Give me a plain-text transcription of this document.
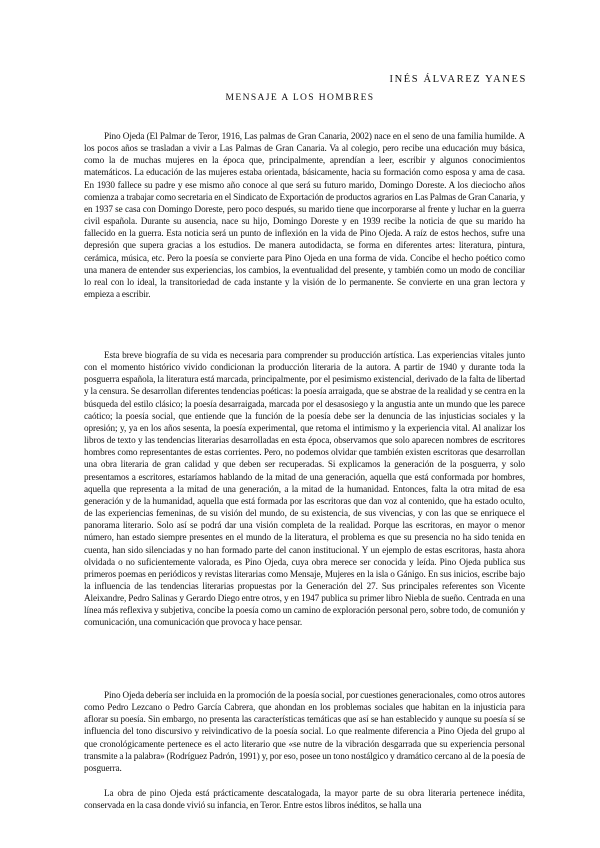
INÉS ÁLVAREZ YANES

MENSAJE A LOS HOMBRES

Pino Ojeda (El Palmar de Teror, 1916, Las palmas de Gran Canaria, 2002) nace en el seno de una familia humilde. A los pocos años se trasladan a vivir a Las Palmas de Gran Canaria. Va al colegio, pero recibe una educación muy básica, como la de muchas mujeres en la época que, principalmente, aprendían a leer, escribir y algunos conocimientos matemáticos. La educación de las mujeres estaba orientada, básicamente, hacia su formación como esposa y ama de casa. En 1930 fallece su padre y ese mismo año conoce al que será su futuro marido, Domingo Doreste. A los dieciocho años comienza a trabajar como secretaria en el Sindicato de Exportación de productos agrarios en Las Palmas de Gran Canaria, y en 1937 se casa con Domingo Doreste, pero poco después, su marido tiene que incorporarse al frente y luchar en la guerra civil española. Durante su ausencia, nace su hijo, Domingo Doreste y en 1939 recibe la noticia de que su marido ha fallecido en la guerra. Esta noticia será un punto de inflexión en la vida de Pino Ojeda. A raíz de estos hechos, sufre una depresión que supera gracias a los estudios. De manera autodidacta, se forma en diferentes artes: literatura, pintura, cerámica, música, etc. Pero la poesía se convierte para Pino Ojeda en una forma de vida. Concibe el hecho poético como una manera de entender sus experiencias, los cambios, la eventualidad del presente, y también como un modo de conciliar lo real con lo ideal, la transitoriedad de cada instante y la visión de lo permanente. Se convierte en una gran lectora y empieza a escribir.

Esta breve biografía de su vida es necesaria para comprender su producción artística. Las experiencias vitales junto con el momento histórico vivido condicionan la producción literaria de la autora. A partir de 1940 y durante toda la posguerra española, la literatura está marcada, principalmente, por el pesimismo existencial, derivado de la falta de libertad y la censura. Se desarrollan diferentes tendencias poéticas: la poesía arraigada, que se abstrae de la realidad y se centra en la búsqueda del estilo clásico; la poesía desarraigada, marcada por el desasosiego y la angustia ante un mundo que les parece caótico; la poesía social, que entiende que la función de la poesía debe ser la denuncia de las injusticias sociales y la opresión; y, ya en los años sesenta, la poesía experimental, que retoma el intimismo y la experiencia vital. Al analizar los libros de texto y las tendencias literarias desarrolladas en esta época, observamos que solo aparecen nombres de escritores hombres como representantes de estas corrientes. Pero, no podemos olvidar que también existen escritoras que desarrollan una obra literaria de gran calidad y que deben ser recuperadas. Si explicamos la generación de la posguerra, y solo presentamos a escritores, estaríamos hablando de la mitad de una generación, aquella que está conformada por hombres, aquella que representa a la mitad de una generación, a la mitad de la humanidad. Entonces, falta la otra mitad de esa generación y de la humanidad, aquella que está formada por las escritoras que dan voz al contenido, que ha estado oculto, de las experiencias femeninas, de su visión del mundo, de su existencia, de sus vivencias, y con las que se enriquece el panorama literario. Solo así se podrá dar una visión completa de la realidad. Porque las escritoras, en mayor o menor número, han estado siempre presentes en el mundo de la literatura, el problema es que su presencia no ha sido tenida en cuenta, han sido silenciadas y no han formado parte del canon institucional. Y un ejemplo de estas escritoras, hasta ahora olvidada o no suficientemente valorada, es Pino Ojeda, cuya obra merece ser conocida y leída. Pino Ojeda publica sus primeros poemas en periódicos y revistas literarias como Mensaje, Mujeres en la isla o Gánigo. En sus inicios, escribe bajo la influencia de las tendencias literarias propuestas por la Generación del 27. Sus principales referentes son Vicente Aleixandre, Pedro Salinas y Gerardo Diego entre otros, y en 1947 publica su primer libro Niebla de sueño. Centrada en una línea más reflexiva y subjetiva, concibe la poesía como un camino de exploración personal pero, sobre todo, de comunión y comunicación, una comunicación que provoca y hace pensar.

Pino Ojeda debería ser incluida en la promoción de la poesía social, por cuestiones generacionales, como otros autores como Pedro Lezcano o Pedro García Cabrera, que ahondan en los problemas sociales que habitan en la injusticia para aflorar su poesía. Sin embargo, no presenta las características temáticas que así se han establecido y aunque su poesía sí se influencia del tono discursivo y reivindicativo de la poesía social. Lo que realmente diferencia a Pino Ojeda del grupo al que cronológicamente pertenece es el acto literario que «se nutre de la vibración desgarrada que su experiencia personal transmite a la palabra» (Rodríguez Padrón, 1991) y, por eso, posee un tono nostálgico y dramático cercano al de la poesía de posguerra.

La obra de pino Ojeda está prácticamente descatalogada, la mayor parte de su obra literaria pertenece inédita, conservada en la casa donde vivió su infancia, en Teror. Entre estos libros inéditos, se halla una
